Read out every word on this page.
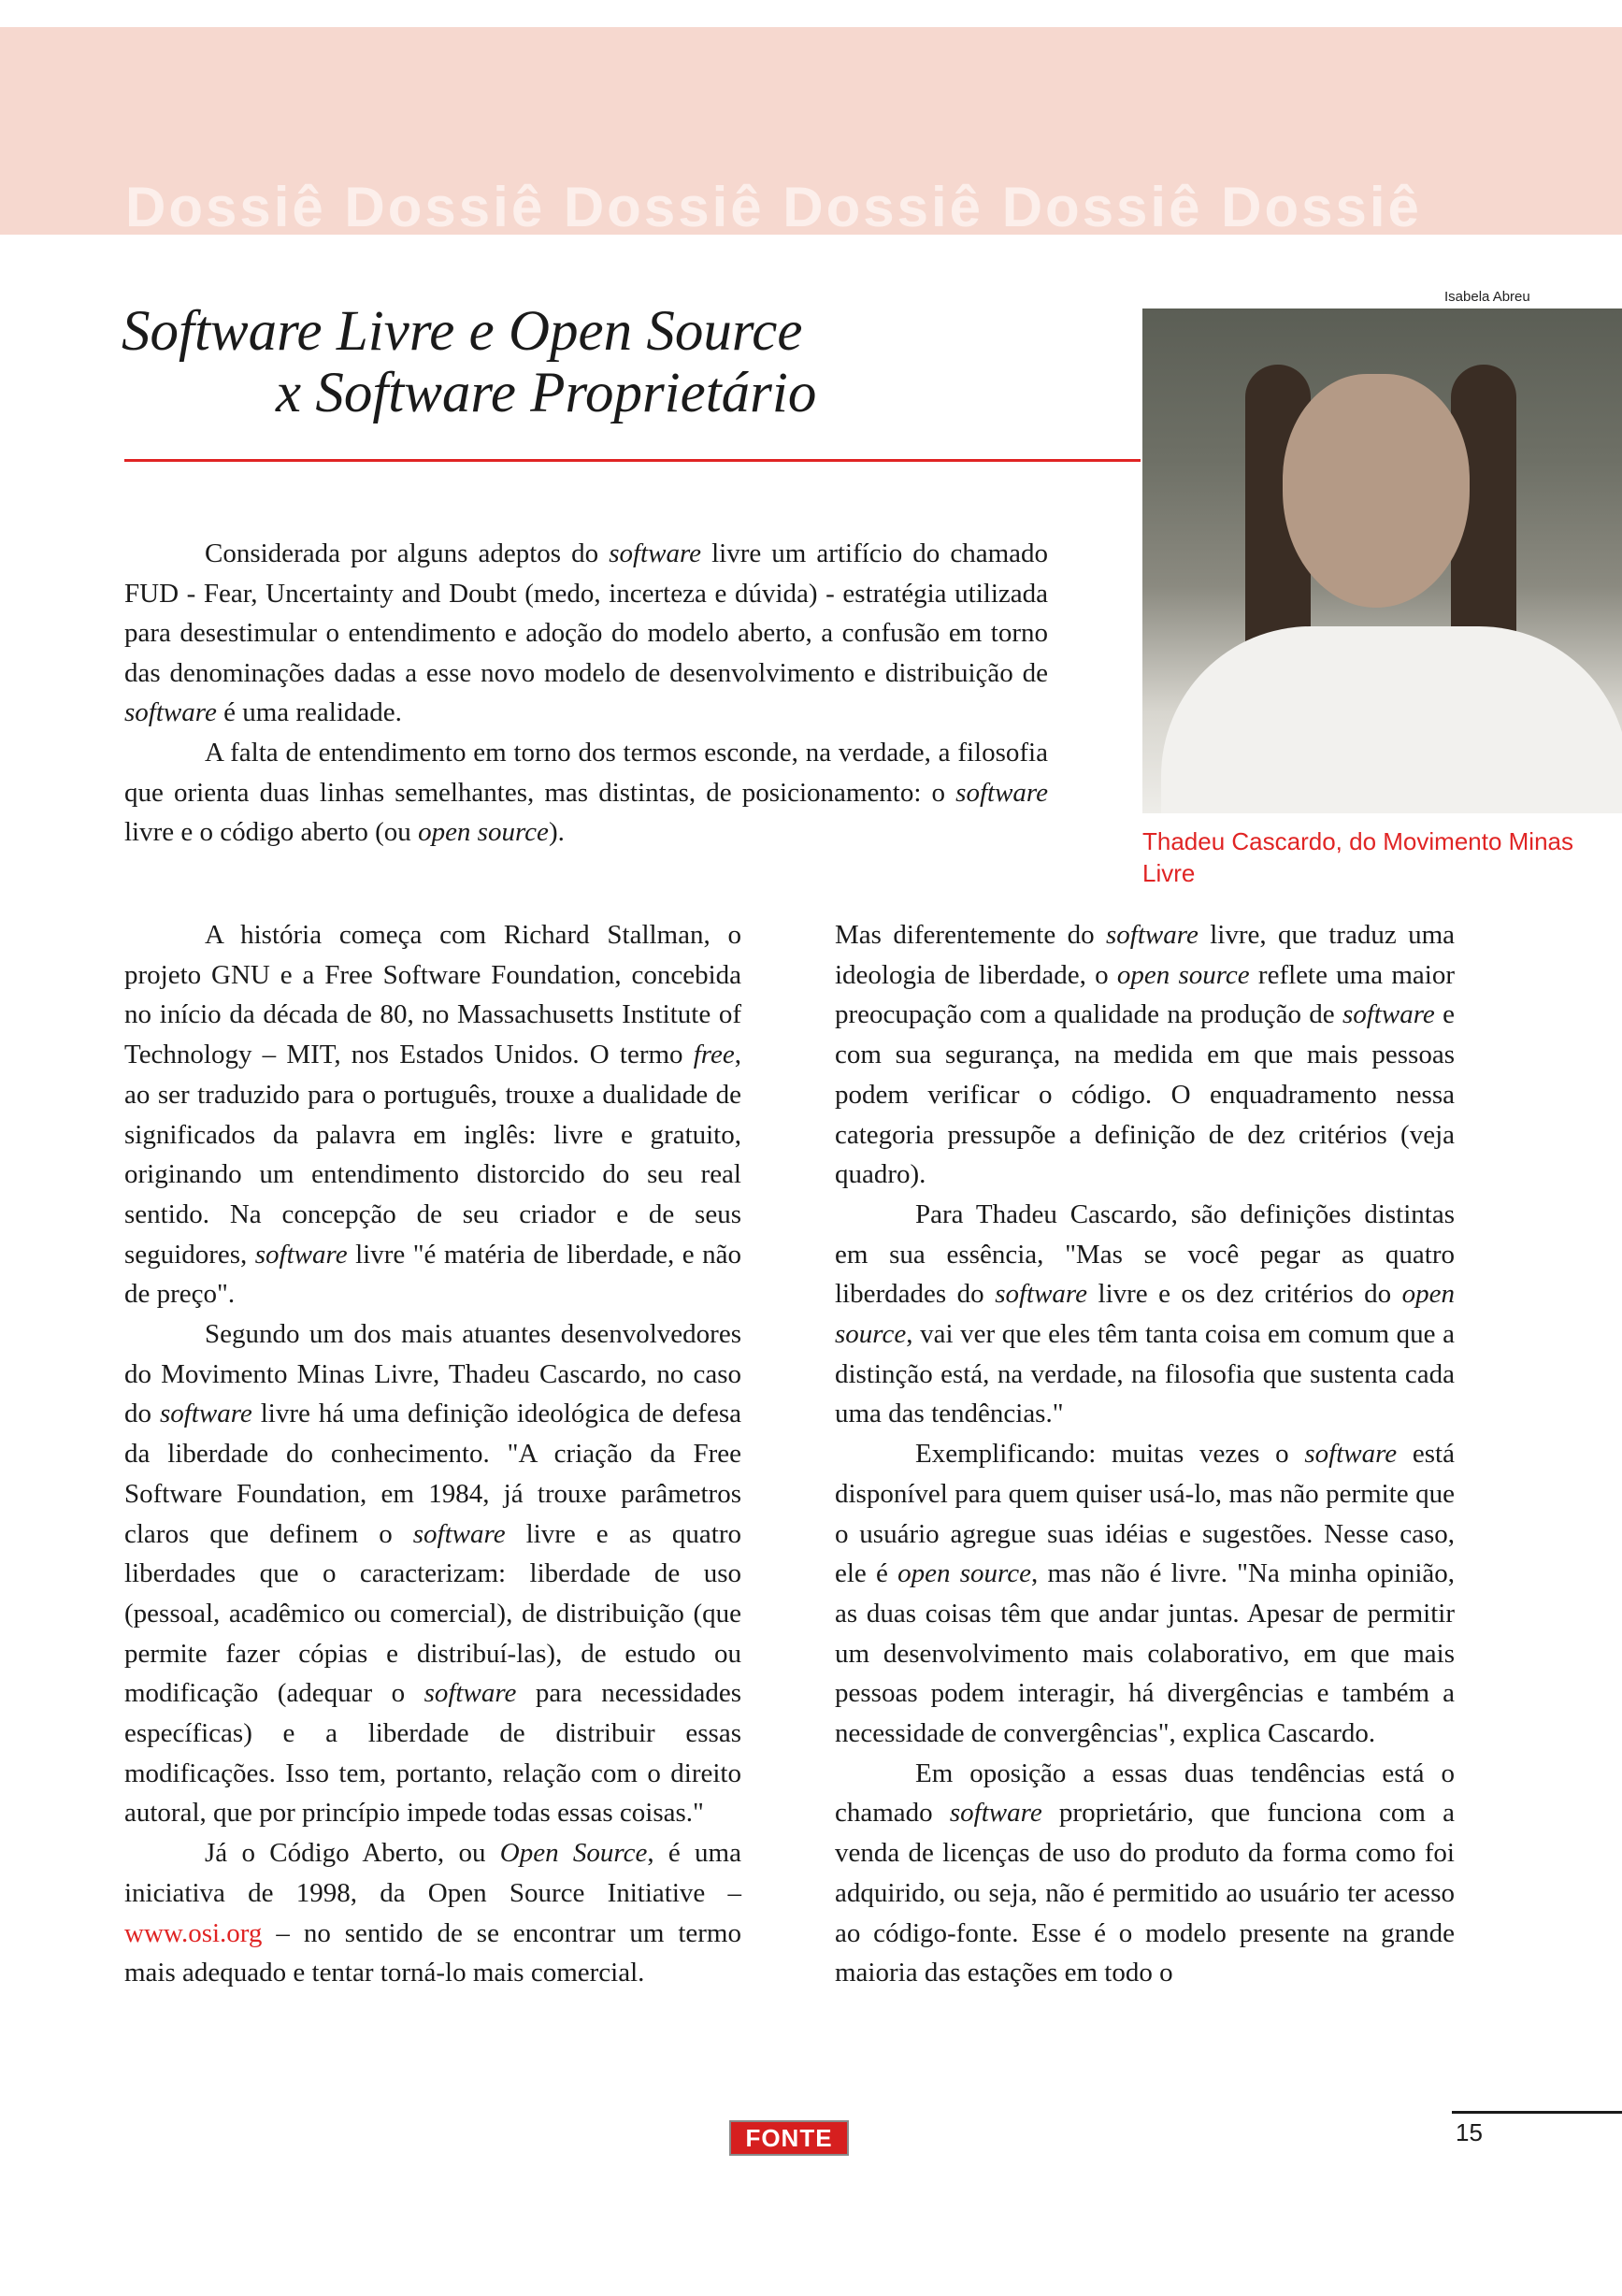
Dossiê Dossiê Dossiê Dossiê Dossiê Dossiê
Software Livre e Open Source
x Software Proprietário
Isabela Abreu
Thadeu Cascardo, do Movimento Minas Livre

Considerada por alguns adeptos do software livre um artifício do chamado FUD - Fear, Uncertainty and Doubt (medo, incerteza e dúvida) - estratégia utilizada para desestimular o entendimento e adoção do modelo aberto, a confusão em torno das denominações dadas a esse novo modelo de desenvolvimento e distribuição de software é uma realidade.

A falta de entendimento em torno dos termos esconde, na verdade, a filosofia que orienta duas linhas semelhantes, mas distintas, de posicionamento: o software livre e o código aberto (ou open source).

A história começa com Richard Stallman, o projeto GNU e a Free Software Foundation, concebida no início da década de 80, no Massachusetts Institute of Technology – MIT, nos Estados Unidos. O termo free, ao ser traduzido para o português, trouxe a dualidade de significados da palavra em inglês: livre e gratuito, originando um entendimento distorcido do seu real sentido. Na concepção de seu criador e de seus seguidores, software livre "é matéria de liberdade, e não de preço".

Segundo um dos mais atuantes desenvolvedores do Movimento Minas Livre, Thadeu Cascardo, no caso do software livre há uma definição ideológica de defesa da liberdade do conhecimento. "A criação da Free Software Foundation, em 1984, já trouxe parâmetros claros que definem o software livre e as quatro liberdades que o caracterizam: liberdade de uso (pessoal, acadêmico ou comercial), de distribuição (que permite fazer cópias e distribuí-las), de estudo ou modificação (adequar o software para necessidades específicas) e a liberdade de distribuir essas modificações. Isso tem, portanto, relação com o direito autoral, que por princípio impede todas essas coisas."

Já o Código Aberto, ou Open Source, é uma iniciativa de 1998, da Open Source Initiative – www.osi.org – no sentido de se encontrar um termo mais adequado e tentar torná-lo mais comercial.

Mas diferentemente do software livre, que traduz uma ideologia de liberdade, o open source reflete uma maior preocupação com a qualidade na produção de software e com sua segurança, na medida em que mais pessoas podem verificar o código. O enquadramento nessa categoria pressupõe a definição de dez critérios (veja quadro).

Para Thadeu Cascardo, são definições distintas em sua essência, "Mas se você pegar as quatro liberdades do software livre e os dez critérios do open source, vai ver que eles têm tanta coisa em comum que a distinção está, na verdade, na filosofia que sustenta cada uma das tendências."

Exemplificando: muitas vezes o software está disponível para quem quiser usá-lo, mas não permite que o usuário agregue suas idéias e sugestões. Nesse caso, ele é open source, mas não é livre. "Na minha opinião, as duas coisas têm que andar juntas. Apesar de permitir um desenvolvimento mais colaborativo, em que mais pessoas podem interagir, há divergências e também a necessidade de convergências", explica Cascardo.

Em oposição a essas duas tendências está o chamado software proprietário, que funciona com a venda de licenças de uso do produto da forma como foi adquirido, ou seja, não é permitido ao usuário ter acesso ao código-fonte. Esse é o modelo presente na grande maioria das estações em todo o

FONTE	15
